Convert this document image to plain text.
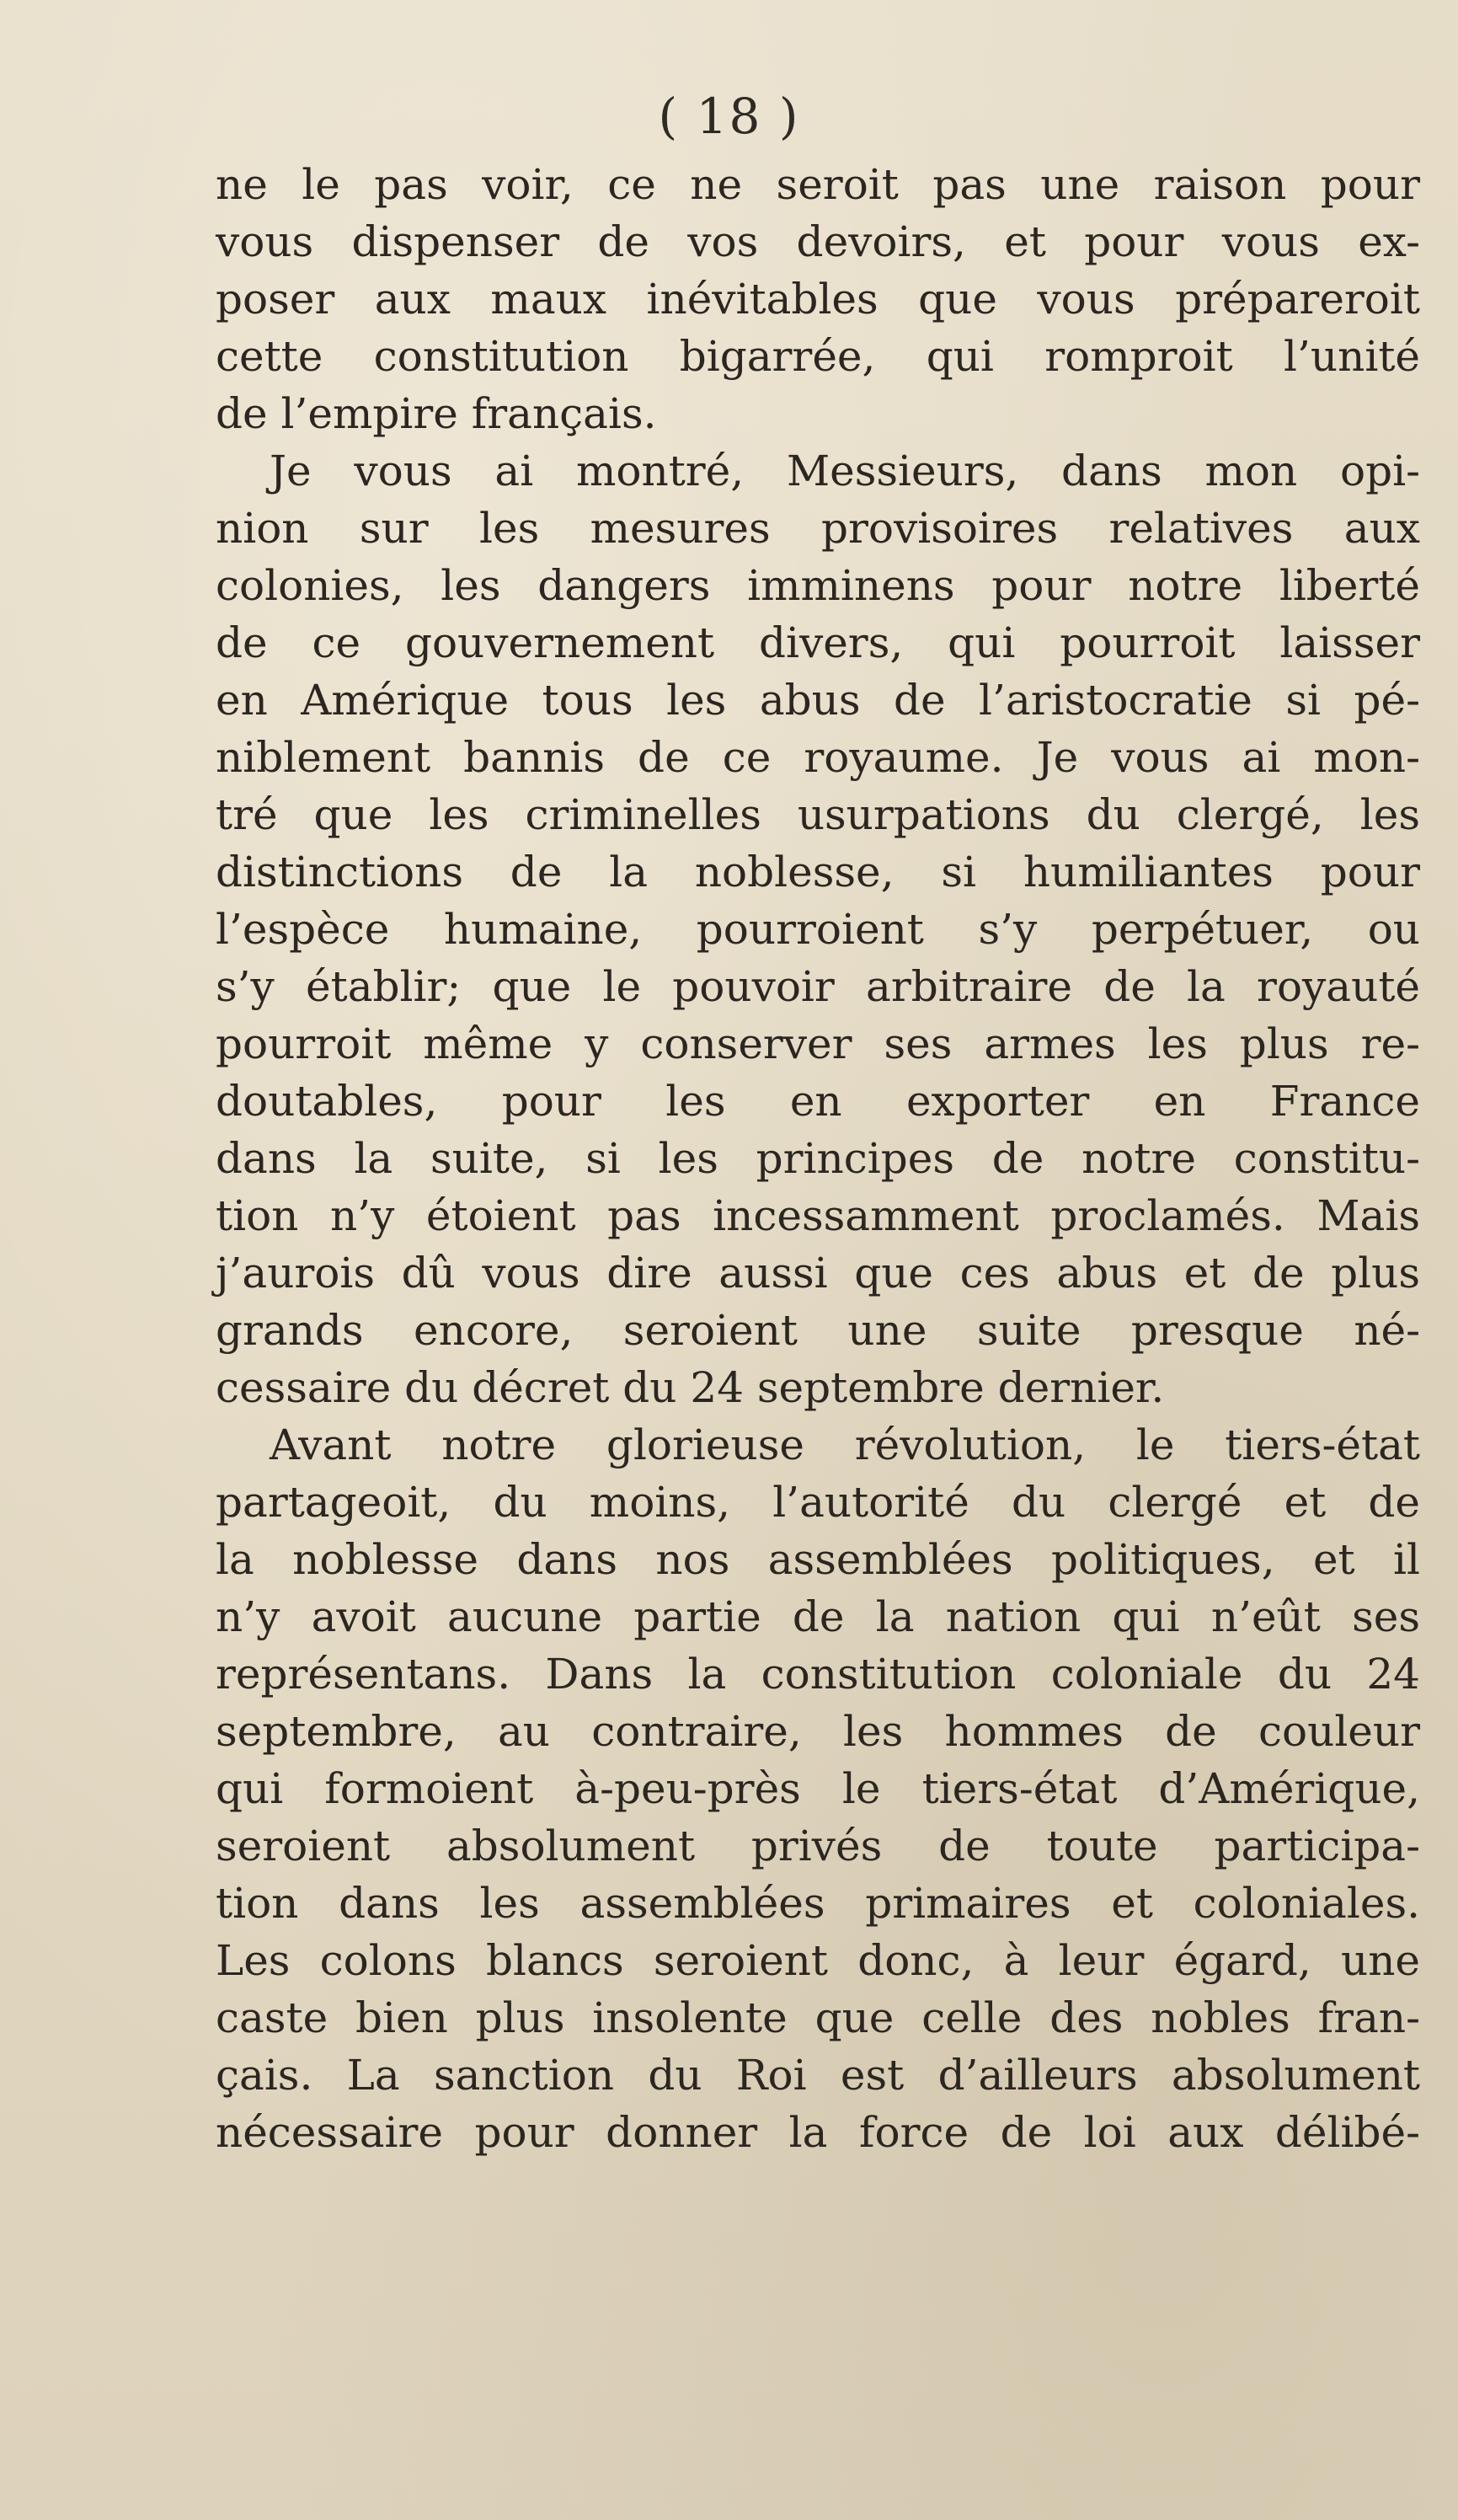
( 18 )
ne le pas voir, ce ne seroit pas une raison pour
vous dispenser de vos devoirs, et pour vous ex-
poser aux maux inévitables que vous prépareroit
cette constitution bigarrée, qui romproit l’unité
de l’empire français.
Je vous ai montré, Messieurs, dans mon opi-
nion sur les mesures provisoires relatives aux
colonies, les dangers imminens pour notre liberté
de ce gouvernement divers, qui pourroit laisser
en Amérique tous les abus de l’aristocratie si pé-
niblement bannis de ce royaume. Je vous ai mon-
tré que les criminelles usurpations du clergé, les
distinctions de la noblesse, si humiliantes pour
l’espèce humaine, pourroient s’y perpétuer, ou
s’y établir; que le pouvoir arbitraire de la royauté
pourroit même y conserver ses armes les plus re-
doutables, pour les en exporter en France
dans la suite, si les principes de notre constitu-
tion n’y étoient pas incessamment proclamés. Mais
j’aurois dû vous dire aussi que ces abus et de plus
grands encore, seroient une suite presque né-
cessaire du décret du 24 septembre dernier.
Avant notre glorieuse révolution, le tiers-état
partageoit, du moins, l’autorité du clergé et de
la noblesse dans nos assemblées politiques, et il
n’y avoit aucune partie de la nation qui n’eût ses
représentans. Dans la constitution coloniale du 24
septembre, au contraire, les hommes de couleur
qui formoient à-peu-près le tiers-état d’Amérique,
seroient absolument privés de toute participa-
tion dans les assemblées primaires et coloniales.
Les colons blancs seroient donc, à leur égard, une
caste bien plus insolente que celle des nobles fran-
çais. La sanction du Roi est d’ailleurs absolument
nécessaire pour donner la force de loi aux délibé-
